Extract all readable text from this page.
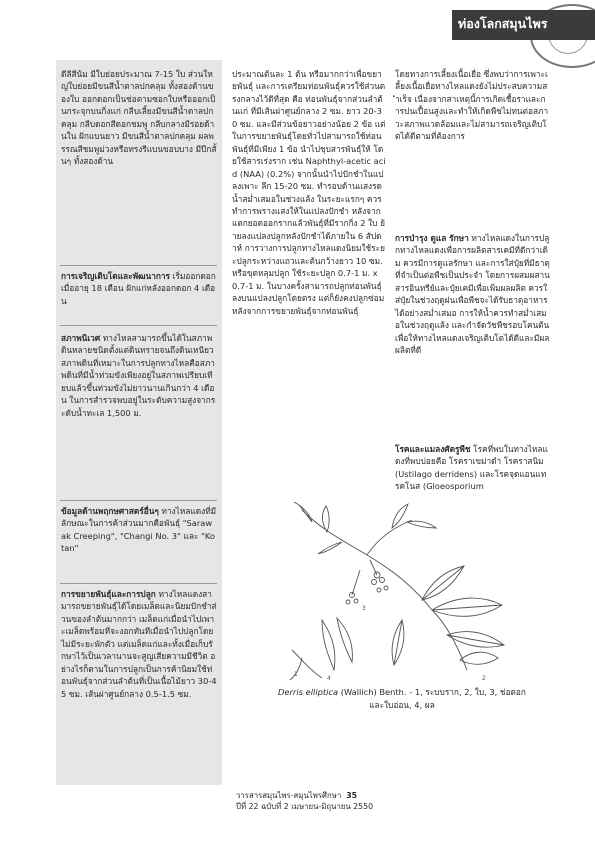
ท่องโลกสมุนไพร

ดีลีสีน้ม มีใบย่อยประมาณ 7-15 ใบ ส่วนใหญ่ใบย่อยมีขนสีน้ำตาลปกคลุม ทั้งสองด้านของใบ ออกดอกเป็นช่อตามซอกใบหรือออกเป็นกระจุกบนกิ่งแก่ กลีบเลี้ยงมีขนสีน้ำตาลปกคลุม กลีบดอกสีดอกชมพู กลีบกลางมีรอยด้านใน ฝักแบนยาว มีขนสีน้ำตาลปกคลุม ผลพรรณสีชมพูม่วงหรือทรงรีแบนขอบบาง มีปีกสั้นๆ ทั้งสองด้าน

การเจริญเติบโตและพัฒนาการ เริ่มออกดอกเมื่ออายุ 18 เดือน ฝักแก่หลังออกดอก 4 เดือน

สภาพนิเวศ ทางไหลสามารถขึ้นได้ในสภาพดินหลายชนิดตั้งแต่ดินทรายจนถึงดินเหนียวสภาพดินที่เหมาะในการปลูกทางไหลคือสภาพดินที่มีน้ำท่วมขังเพียงอยู่ในสภาพเปรียบเทียบแล้วขึ้นท่วมขังไม่ยาวนานเกินกว่า 4 เดือน ในการสำรวจพบอยู่ในระดับความสูงจากระดับน้ำทะเล 1,500 ม.

ข้อมูลด้านพฤกษศาสตร์อื่นๆ ทางไหลแดงที่มีลักษณะในการค้าส่วนมากคือพันธุ์ "Sarawak Creeping", "Changi No. 3" และ "Kotan"

การขยายพันธุ์และการปลูก ทางไหลแดงสามารถขยายพันธุ์ได้โดยเมล็ดและนิยมปักชำส่วนของลำต้นมากกว่า เมล็ดแก่เมื่อนำไปเพาะเมล็ดพร้อมที่จะงอกทันทีเมื่อนำไปปลูกโดยไม่มีระยะพักตัว แต่เมล็ดแก่และทั้งเมื่อเก็บรักษาไว้เป็นเวลานานจะสูญเสียความมีชีวิต อย่างไรก็ตามในการปลูกเป็นการค้านิยมใช้ท่อนพันธุ์จากส่วนลำต้นที่เป็นเนื้อไม้ยาว 30-45 ซม. เส้นผ่าศูนย์กลาง 0.5-1.5 ซม.

ประมาณต้นละ 1 ต้น หรือมากกว่าเพื่อขยายพันธุ์ และการเตรียมท่อนพันธุ์ควรใช้ส่วนตรงกลางไว้ดีที่สุด คือ ท่อนพันธุ์จากส่วนลำต้นแก่ ที่มีเส้นผ่าศูนย์กลาง 2 ซม. ยาว 20-30 ซม. และมีส่วนข้อยาวอย่างน้อย 2 ข้อ แต่ในการขยายพันธุ์โดยทั่วไปสามารถใช้ท่อนพันธุ์ที่มีเพียง 1 ข้อ นำไปชุบสารพันธุ์ให้ โดยใช้สารเร่งราก เช่น Naphthyl-acetic acid (NAA) (0.2%) จากนั้นนำไปปักชำในแปลงเพาะ ลึก 15-20 ซม. ทำรอบด้านแสงรดน้ำสม่ำเสมอในช่วงแล้ง ในระยะแรกๆ ควรทำการพรางแสงให้ในแปลงปักชำ หลังจากแตกยอดออกรากแล้วพันธุ์ที่มีรากกิ่ง 2 ใบ ย้ายลงแปลงปลูกหลังปักชำได้ภายใน 6 สัปดาห์ การวางการปลูกทางไหลแดงนิยมใช้ระยะปลูกระหว่างแถวและต้นกว้างยาว 10 ซม. หรือขุดหลุมปลูก ใช้ระยะปลูก 0.7-1 ม. x 0.7-1 ม. ในบางครั้งสามารถปลูกท่อนพันธุ์ลงบนแปลงปลูกโดยตรง แต่ก็ยังคงปลูกซ่อมหลังจากการขยายพันธุ์จากท่อนพันธุ์

โดยทางการเลี้ยงเนื้อเยื่อ ซึ่งพบว่าการเพาะเลี้ยงเนื้อเยื่อทางไหลแดงยังไม่ประสบความสำเร็จ เนื่องจากสาเหตุนี้การเกิดเชื้อราและการปนเปื้อนสูงและทำให้เกิดพืชไม่ทนต่อสภาวะสภาพแวดล้อมและไม่สามารถเจริญเติบโตได้ดีตามที่ต้องการ

การบำรุง ดูแล รักษา ทางไหลแดงในการปลูกทางไหลแดงเพื่อการผลิตสารเคมีที่ดีกว่าเดิม ควรมีการดูแลรักษา และการใส่ปุ๋ยที่มีธาตุที่จำเป็นต่อพืชเป็นประจำ โดยการผสมผสานสารอินทรีย์และปุ๋ยเคมีเพื่อเพิ่มผลผลิต ควรใส่ปุ๋ยในช่วงฤดูฝนเพื่อพืชจะได้รับธาตุอาหารได้อย่างสม่ำเสมอ การให้น้ำควรทำสม่ำเสมอในช่วงฤดูแล้ง และกำจัดวัชพืชรอบโคนต้นเพื่อให้ทางไหลแดงเจริญเติบโตได้ดีและมีผลผลิตที่ดี

โรคและแมลงศัตรูพืช โรคที่พบในทางไหลแดงที่พบบ่อยคือ โรคราเขม่าดำ โรคราสนิม (Ustilago derridens) และโรคจุดแอนแทรคโนส (Gloeosporium

4
1
2
3
Derris elliptica (Wallich) Benth. - 1, ระบบราก, 2, ใบ, 3, ช่อดอกและใบอ่อน, 4, ผล
วารสารสมุนไพร-สมุนไพรศึกษา 35
ปีที่ 22 ฉบับที่ 2 เมษายน-มิถุนายน 2550
